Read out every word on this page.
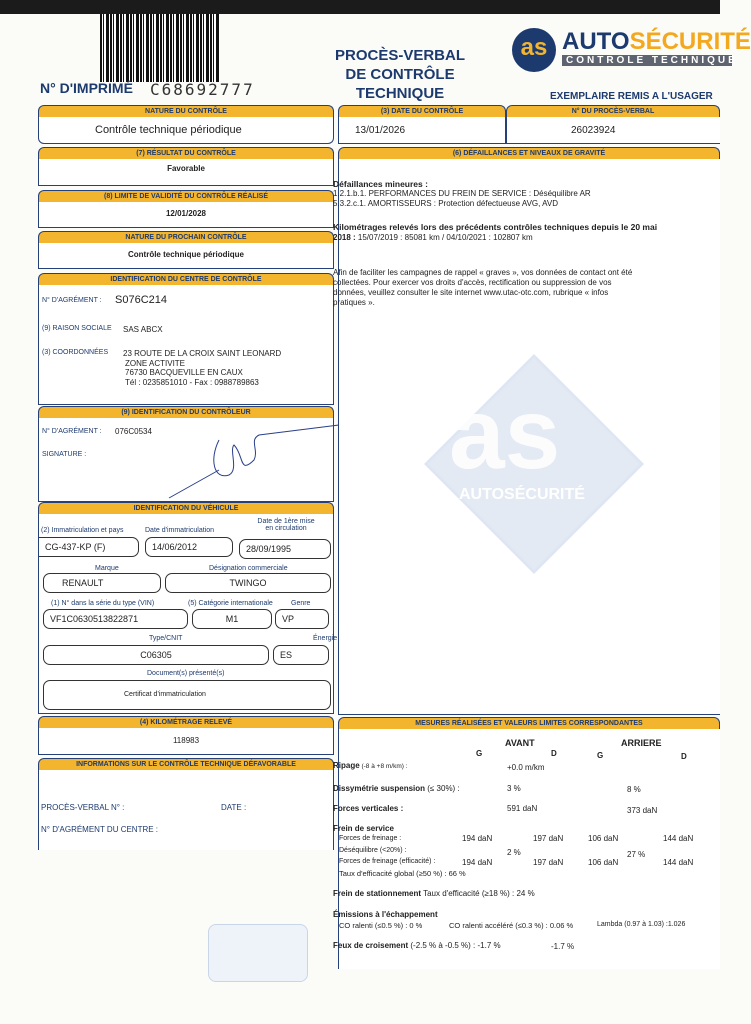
N° D'IMPRIMÉ C68692777
PROCÈS-VERBAL
DE CONTRÔLE TECHNIQUE
as AUTOSÉCURITÉ
CONTROLE TECHNIQUE
EXEMPLAIRE REMIS A L'USAGER
NATURE DU CONTRÔLE
Contrôle technique périodique
(7) RÉSULTAT DU CONTRÔLE
Favorable
(8) LIMITE DE VALIDITÉ DU CONTRÔLE RÉALISÉ
12/01/2028
NATURE DU PROCHAIN CONTRÔLE
Contrôle technique périodique
IDENTIFICATION DU CENTRE DE CONTRÔLE
N° D'AGRÉMENT : S076C214
(9) RAISON SOCIALE SAS ABCX
(3) COORDONNÉES 23 ROUTE DE LA CROIX SAINT LEONARD
ZONE ACTIVITE
76730 BACQUEVILLE EN CAUX
Tél : 0235851010 - Fax : 0988789863
(9) IDENTIFICATION DU CONTRÔLEUR
N° D'AGRÉMENT : 076C0534
SIGNATURE :
IDENTIFICATION DU VÉHICULE
(2) Immatriculation et pays	Date d'immatriculation
Date de 1ère mise
en circulation
CG-437-KP (F)	14/06/2012	28/09/1995
Marque	Désignation commerciale
RENAULT	TWINGO
(1) N° dans la série du type (VIN)	(5) Catégorie internationale	Genre
VF1C0630513822871	M1	VP
Type/CNIT	Énergie
C06305	ES
Document(s) présenté(s)
Certificat d'immatriculation
(4) KILOMÉTRAGE RELEVÉ
118983
INFORMATIONS SUR LE CONTRÔLE TECHNIQUE DÉFAVORABLE
PROCÈS-VERBAL N° :	DATE :
N° D'AGRÉMENT DU CENTRE :
(3) DATE DU CONTRÔLE
13/01/2026
N° DU PROCÈS-VERBAL
26023924
(6) DÉFAILLANCES ET NIVEAUX DE GRAVITÉ
as
AUTOSÉCURITÉ
Défaillances mineures :
1.2.1.b.1. PERFORMANCES DU FREIN DE SERVICE : Déséquilibre AR
5.3.2.c.1. AMORTISSEURS : Protection défectueuse AVG, AVD
Kilométrages relevés lors des précédents contrôles techniques depuis le 20 mai
2018 : 15/07/2019 : 85081 km / 04/10/2021 : 102807 km
Afin de faciliter les campagnes de rappel « graves », vos données de contact ont été
collectées. Pour exercer vos droits d'accès, rectification ou suppression de vos
données, veuillez consulter le site internet www.utac-otc.com, rubrique « infos
pratiques ».
MESURES RÉALISÉES ET VALEURS LIMITES CORRESPONDANTES
AVANT	ARRIERE
G	D	G	D
Ripage (-8 à +8 m/km) :	+0.0 m/km
Dissymétrie suspension (≤ 30%) :	3 %	8 %
Forces verticales :	591 daN	373 daN
Frein de service
Forces de freinage :	194 daN	197 daN	106 daN	144 daN
Déséquilibre (<20%) :	2 %	27 %
Forces de freinage (efficacité) :	194 daN	197 daN	106 daN	144 daN
Taux d'efficacité global (≥50 %) : 66 %
Frein de stationnement Taux d'efficacité (≥18 %) : 24 %
Émissions à l'échappement
CO ralenti (≤0.5 %) : 0 %	CO ralenti accéléré (≤0.3 %) : 0.06 %	Lambda (0.97 à 1.03) :1.026
Feux de croisement (-2.5 % à -0.5 %) : -1.7 %	-1.7 %
